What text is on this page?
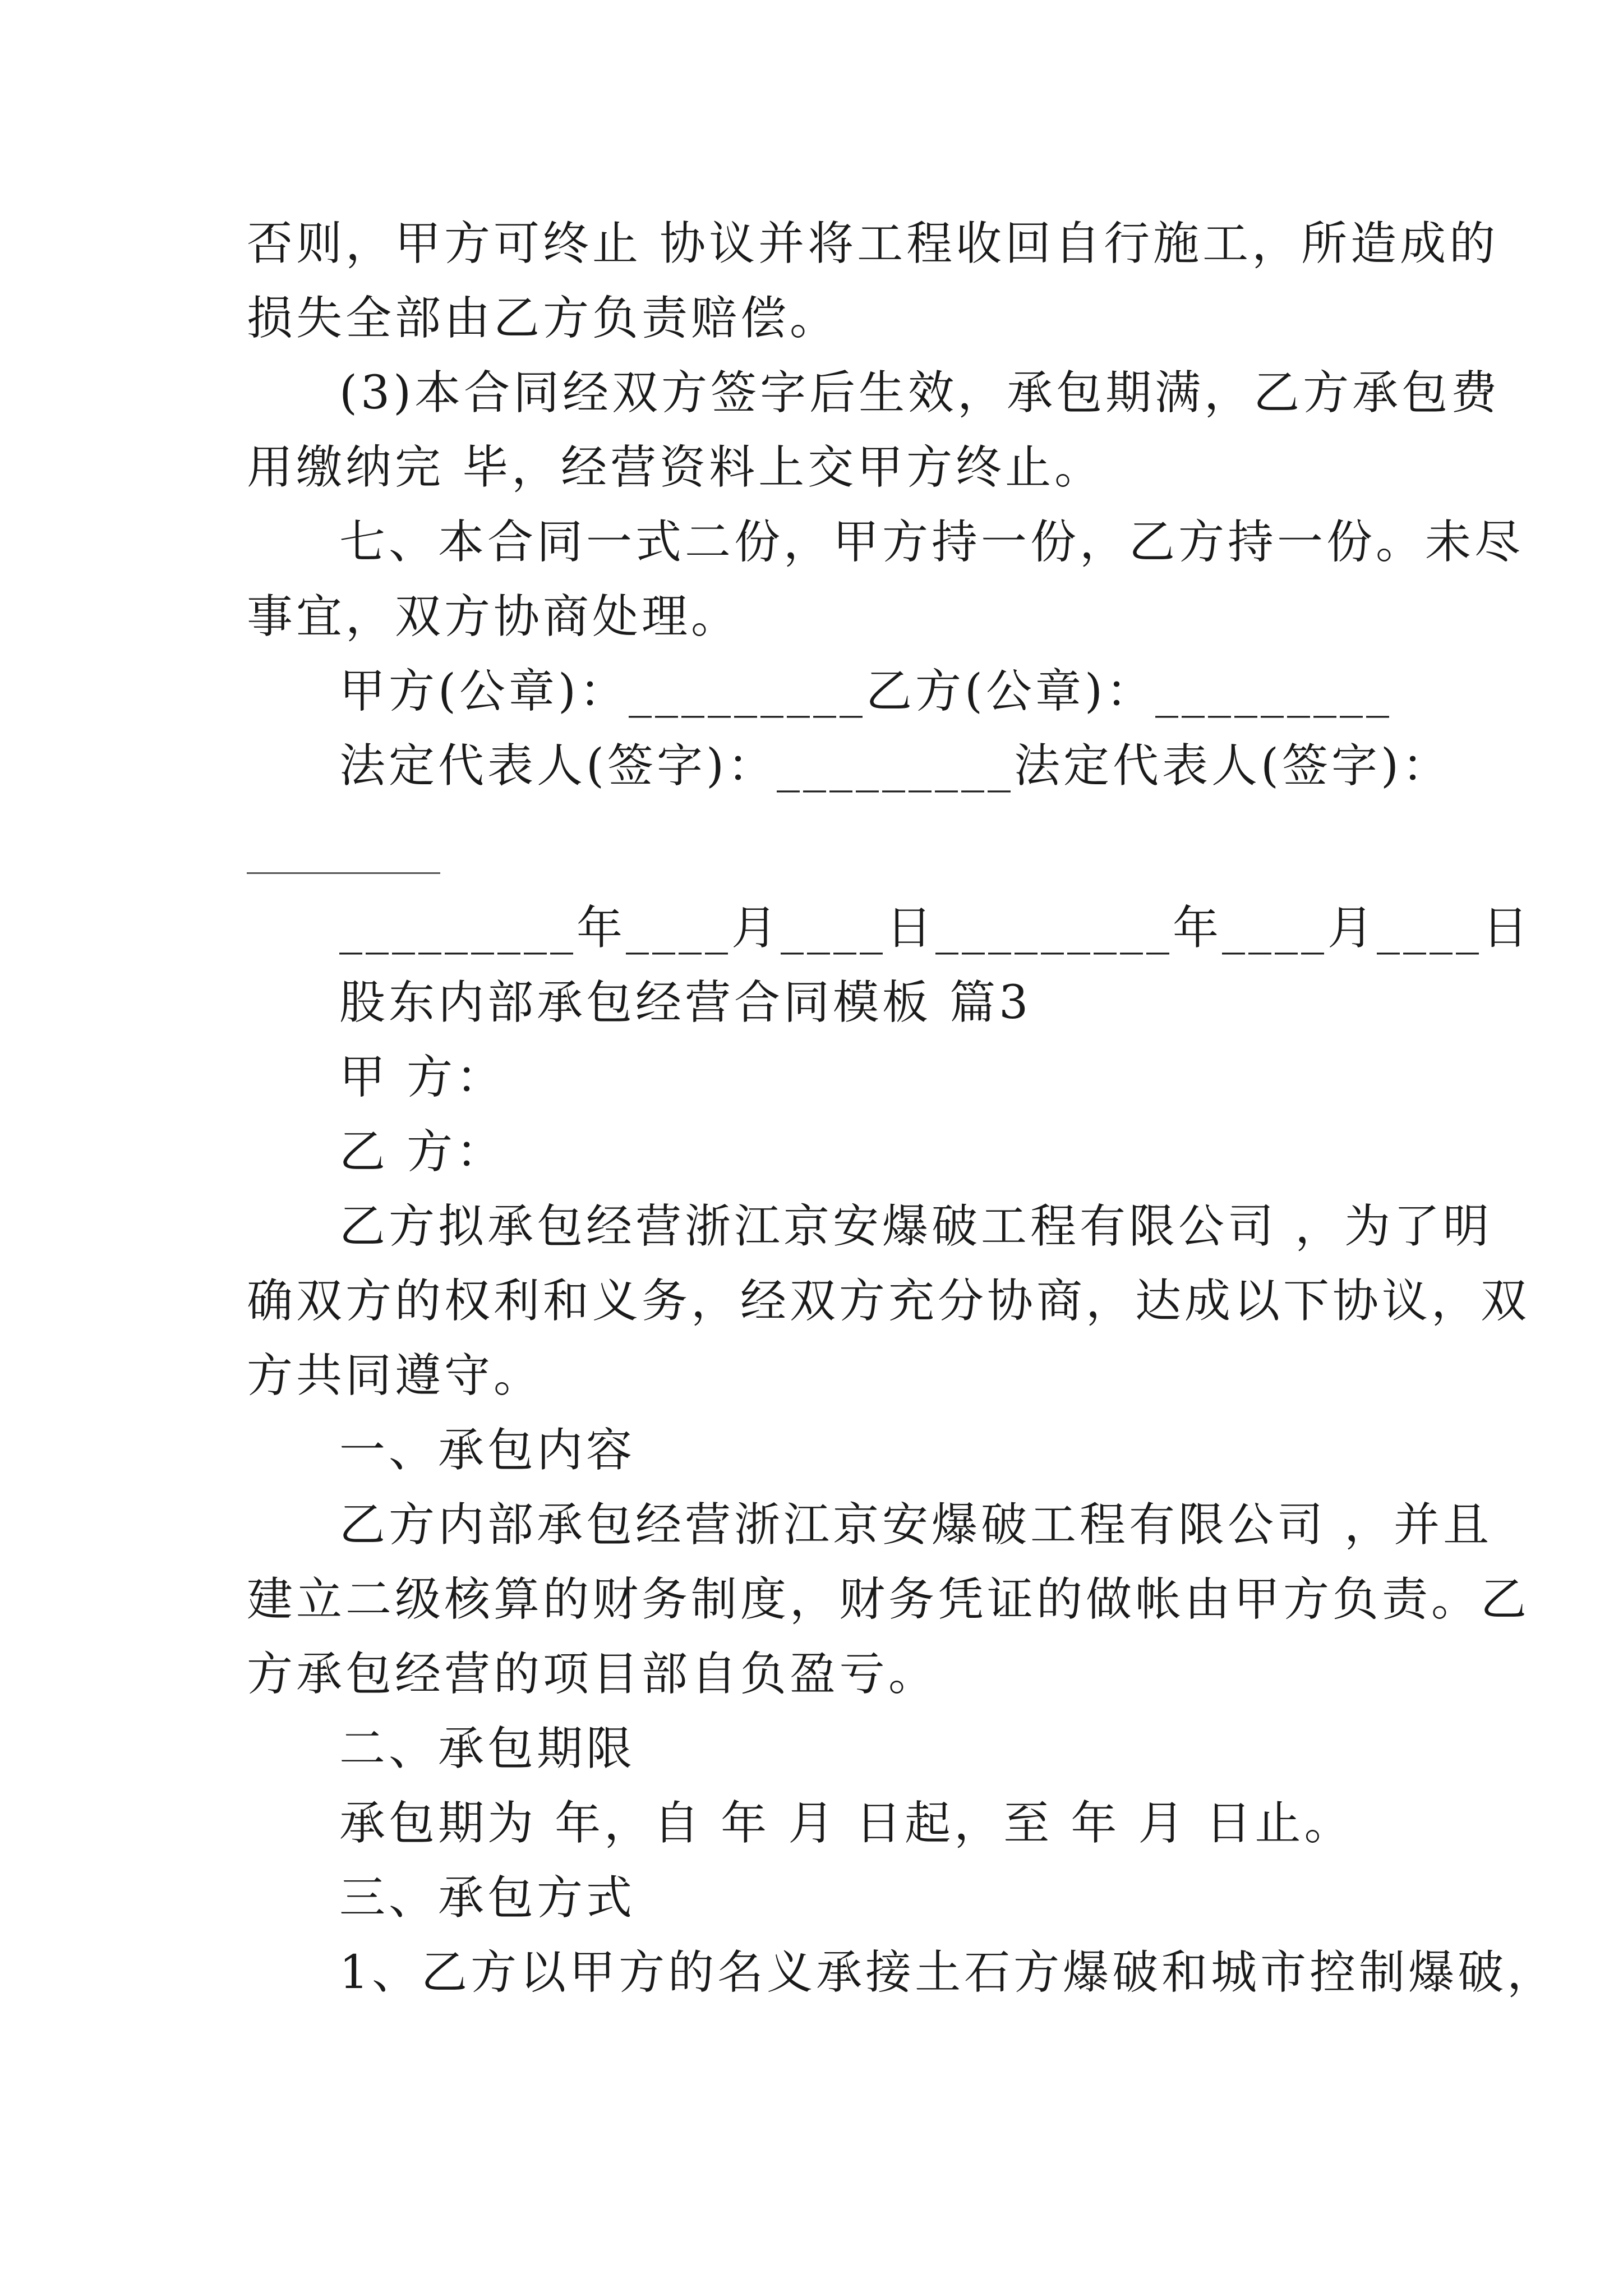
否则，甲方可终止 协议并将工程收回自行施工，所造成的
损失全部由乙方负责赔偿。
(3)本合同经双方签字后生效，承包期满，乙方承包费
用缴纳完 毕，经营资料上交甲方终止。
七、本合同一式二份，甲方持一份，乙方持一份。未尽
事宜，双方协商处理。
甲方(公章)：_________乙方(公章)：_________
法定代表人(签字)：_________法定代表人(签字)：
_________年____月____日_________年____月____日
股东内部承包经营合同模板 篇3
甲 方：
乙 方：
乙方拟承包经营浙江京安爆破工程有限公司 ，为了明
确双方的权利和义务，经双方充分协商，达成以下协议，双
方共同遵守。
一、承包内容
乙方内部承包经营浙江京安爆破工程有限公司 ，并且
建立二级核算的财务制度，财务凭证的做帐由甲方负责。乙
方承包经营的项目部自负盈亏。
二、承包期限
承包期为 年，自 年 月 日起，至 年 月 日止。
三、承包方式
1、乙方以甲方的名义承接土石方爆破和城市控制爆破，
